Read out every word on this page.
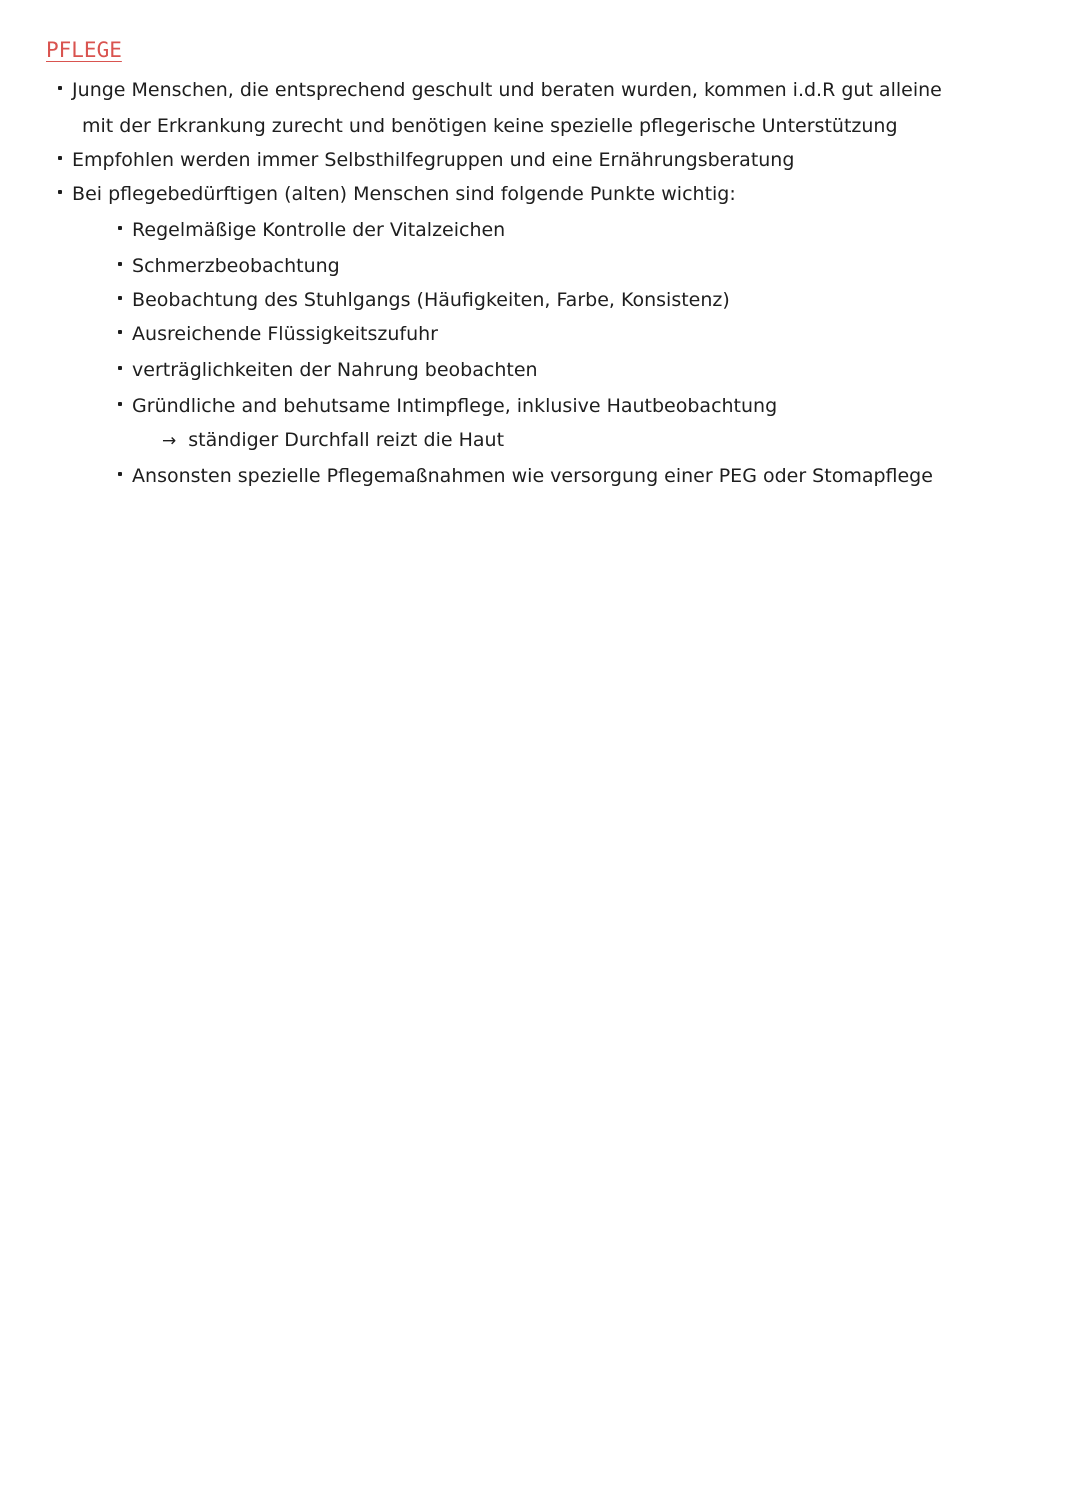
PFLEGE
Junge Menschen, die entsprechend geschult und beraten wurden, kommen i.d.R gut alleine
mit der Erkrankung zurecht und benötigen keine spezielle pflegerische Unterstützung
Empfohlen werden immer Selbsthilfegruppen und eine Ernährungsberatung
Bei pflegebedürftigen (alten) Menschen sind folgende Punkte wichtig:
Regelmäßige Kontrolle der Vitalzeichen
Schmerzbeobachtung
Beobachtung des Stuhlgangs (Häufigkeiten, Farbe, Konsistenz)
Ausreichende Flüssigkeitszufuhr
verträglichkeiten der Nahrung beobachten
Gründliche and behutsame Intimpflege, inklusive Hautbeobachtung
→ ständiger Durchfall reizt die Haut
Ansonsten spezielle Pflegemaßnahmen wie versorgung einer PEG oder Stomapflege
